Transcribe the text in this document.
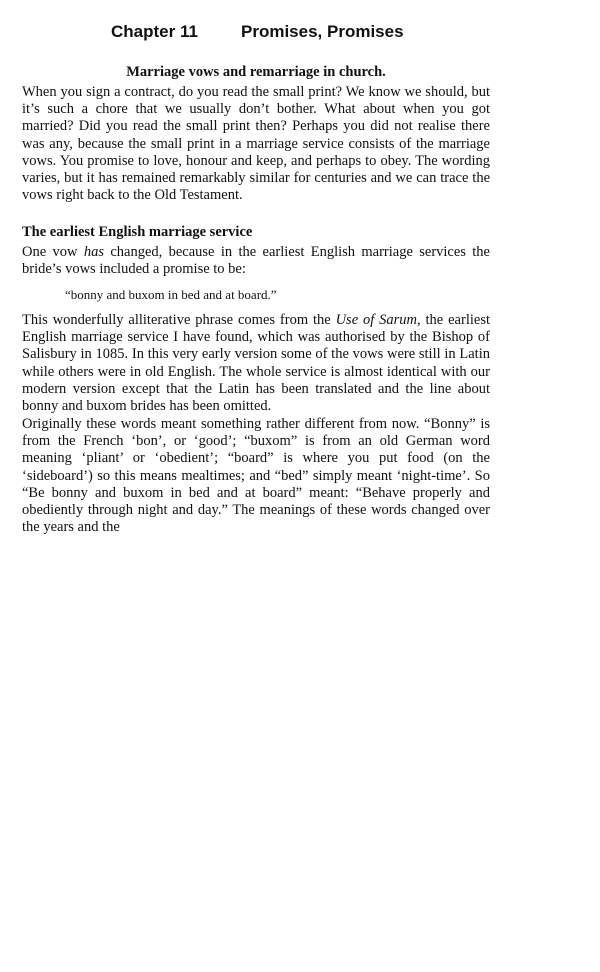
Chapter 11	Promises, Promises
Marriage vows and remarriage in church.

When you sign a contract, do you read the small print? We know we should, but it’s such a chore that we usually don’t bother. What about when you got married? Did you read the small print then? Perhaps you did not realise there was any, because the small print in a marriage service consists of the marriage vows. You promise to love, honour and keep, and perhaps to obey. The wording varies, but it has remained remarkably similar for centuries and we can trace the vows right back to the Old Testament.

The earliest English marriage service

One vow has changed, because in the earliest English marriage services the bride’s vows included a promise to be:

“bonny and buxom in bed and at board.”

This wonderfully alliterative phrase comes from the Use of Sarum, the earliest English marriage service I have found, which was authorised by the Bishop of Salisbury in 1085. In this very early version some of the vows were still in Latin while others were in old English. The whole service is almost identical with our modern version except that the Latin has been translated and the line about bonny and buxom brides has been omitted.

Originally these words meant something rather different from now. “Bonny” is from the French ‘bon’, or ‘good’; “buxom” is from an old German word meaning ‘pliant’ or ‘obedient’; “board” is where you put food (on the ‘sideboard’) so this means mealtimes; and “bed” simply meant ‘night-time’. So “Be bonny and buxom in bed and at board” meant: “Behave properly and obediently through night and day.” The meanings of these words changed over the years and the
